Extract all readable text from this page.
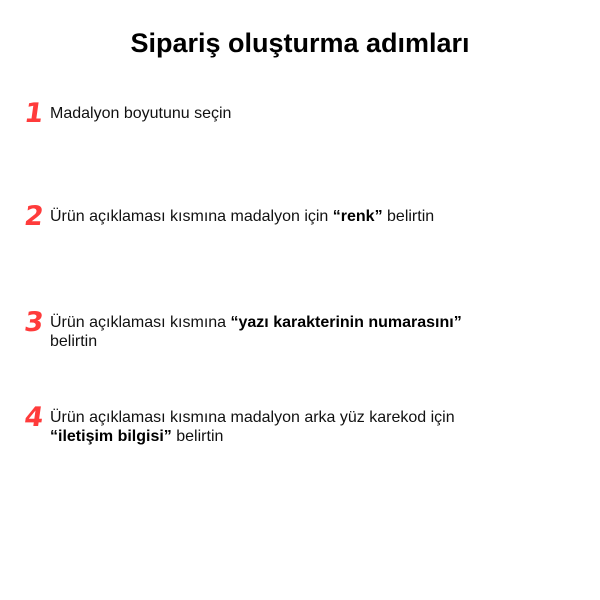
Sipariş oluşturma adımları
1 Madalyon boyutunu seçin
2 Ürün açıklaması kısmına madalyon için “renk” belirtin
3 Ürün açıklaması kısmına “yazı karakterinin numarasını”
belirtin
4 Ürün açıklaması kısmına madalyon arka yüz karekod için
“iletişim bilgisi” belirtin
